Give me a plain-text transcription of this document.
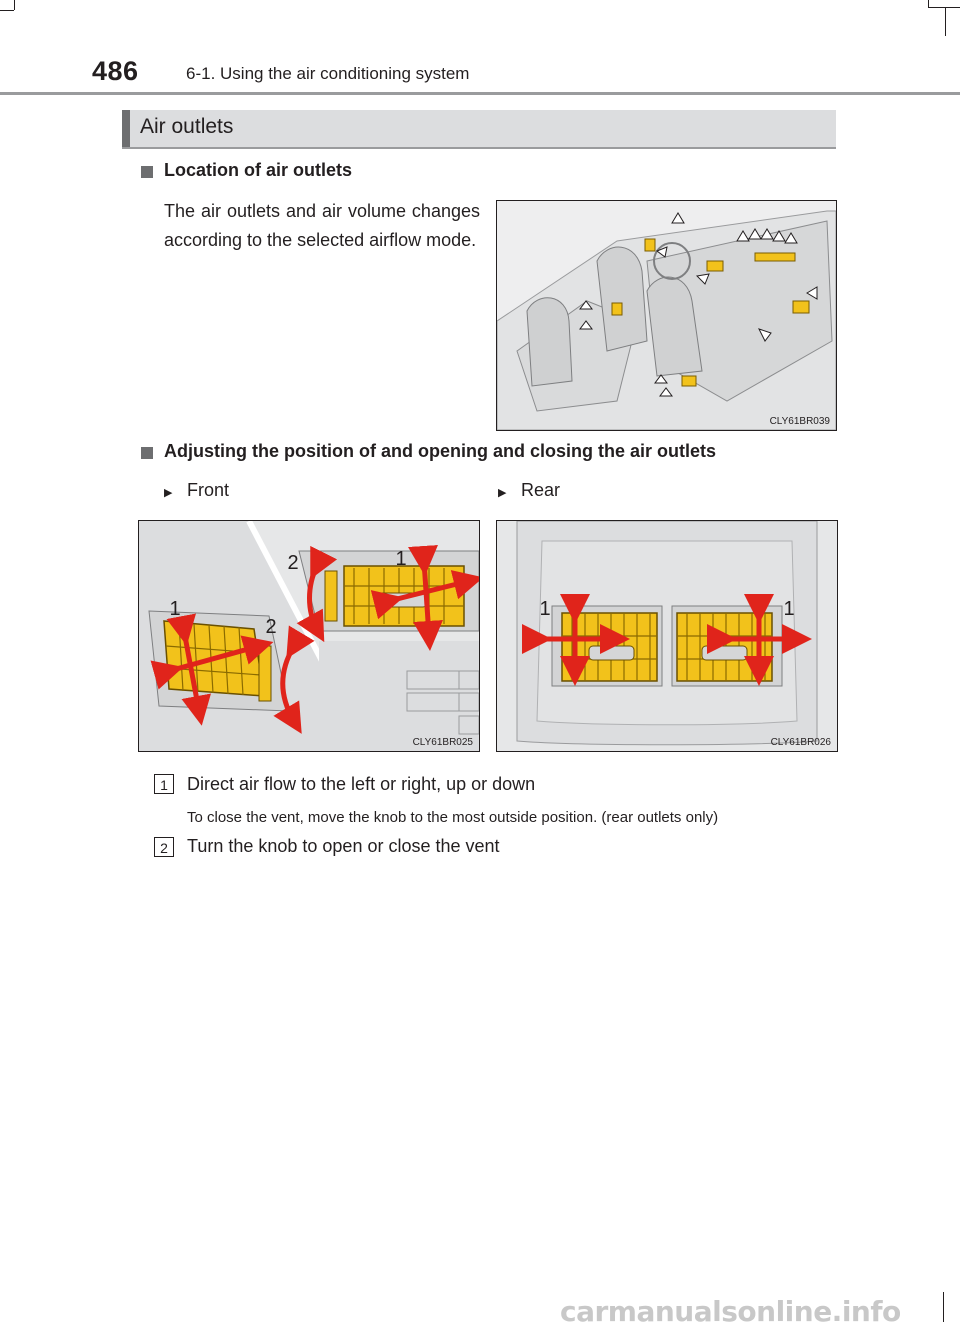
486	6-1. Using the air conditioning system
Air outlets
Location of air outlets
The air outlets and air volume changes according to the selected airflow mode.
CLY61BR039
Adjusting the position of and opening and closing the air outlets
▶ Front	▶ Rear
2	1
1
2
CLY61BR025
1	1
CLY61BR026
1	Direct air flow to the left or right, up or down
To close the vent, move the knob to the most outside position. (rear outlets only)
2	Turn the knob to open or close the vent
carmanualsonline.info
